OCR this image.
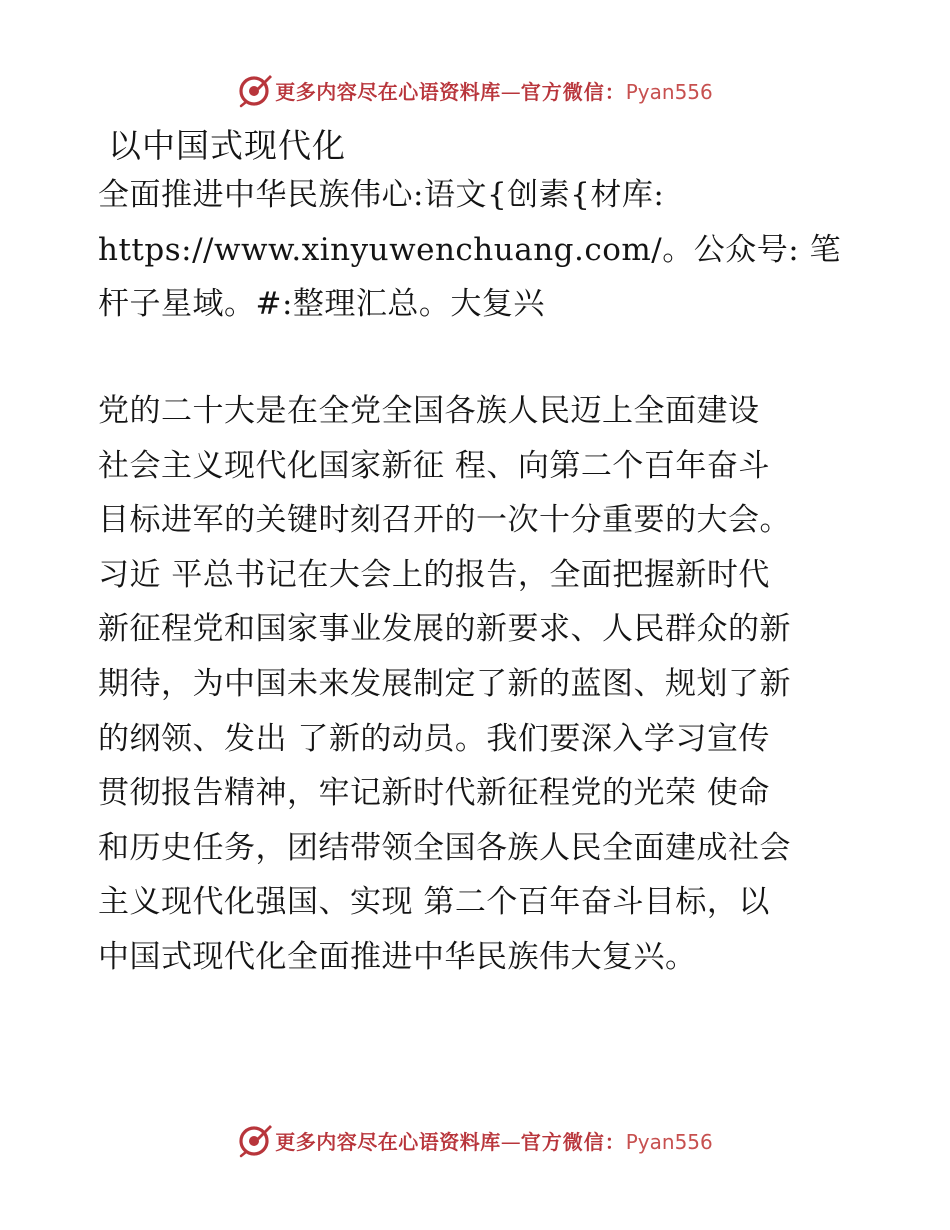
更多内容尽在心语资料库—官方微信：Pyan556
以中国式现代化
全面推进中华民族伟心:语文{创素{材库:
https://www.xinyuwenchuang.com/。公众号: 笔
杆子星域。#:整理汇总。大复兴
党的二十大是在全党全国各族人民迈上全面建设
社会主义现代化国家新征 程、向第二个百年奋斗
目标进军的关键时刻召开的一次十分重要的大会。
习近 平总书记在大会上的报告，全面把握新时代
新征程党和国家事业发展的新要求、人民群众的新
期待，为中国未来发展制定了新的蓝图、规划了新
的纲领、发出 了新的动员。我们要深入学习宣传
贯彻报告精神，牢记新时代新征程党的光荣 使命
和历史任务，团结带领全国各族人民全面建成社会
主义现代化强国、实现 第二个百年奋斗目标，以
中国式现代化全面推进中华民族伟大复兴。
更多内容尽在心语资料库—官方微信：Pyan556
